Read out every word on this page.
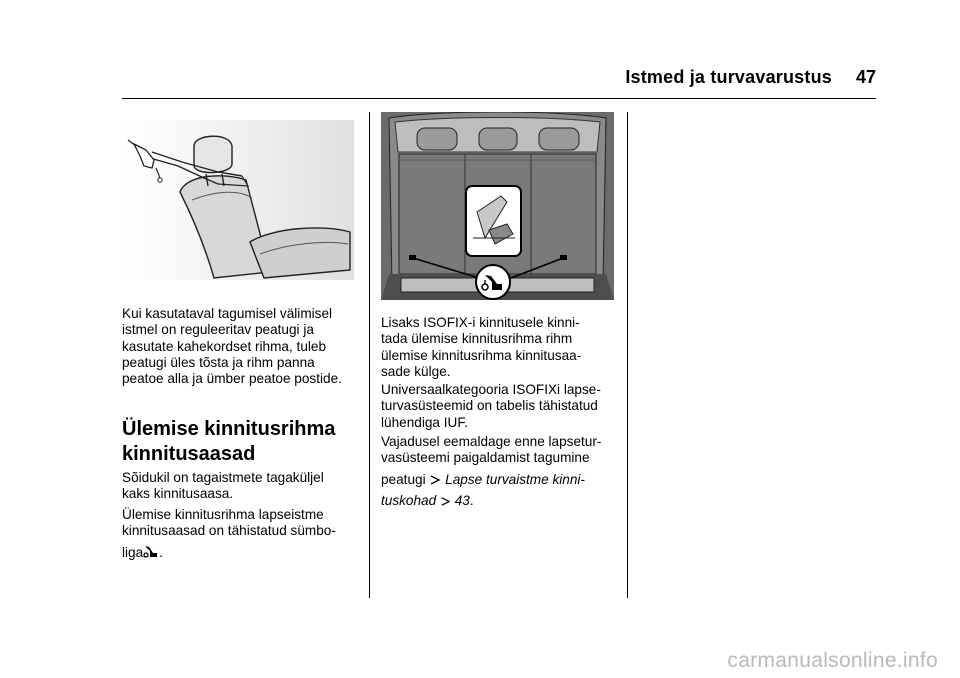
Istmed ja turvavarustus	47
Kui kasutataval tagumisel välimisel
istmel on reguleeritav peatugi ja
kasutate kahekordset rihma, tuleb
peatugi üles tõsta ja rihm panna
peatoe alla ja ümber peatoe postide.
Ülemise kinnitusrihma
kinnitusaasad
Sõidukil on tagaistmete tagaküljel
kaks kinnitusaasa.
Ülemise kinnitusrihma lapseistme
kinnitusaasad on tähistatud sümbo-
liga .
Lisaks ISOFIX-i kinnitusele kinni-
tada ülemise kinnitusrihma rihm
ülemise kinnitusrihma kinnitusaa-
sade külge.
Universaalkategooria ISOFIXi lapse-
turvasüsteemid on tabelis tähistatud
lühendiga IUF.
Vajadusel eemaldage enne lapsetur-
vasüsteemi paigaldamist tagumine
peatugi Lapse turvaistme kinni-
tuskohad 43.
carmanualsonline.info
